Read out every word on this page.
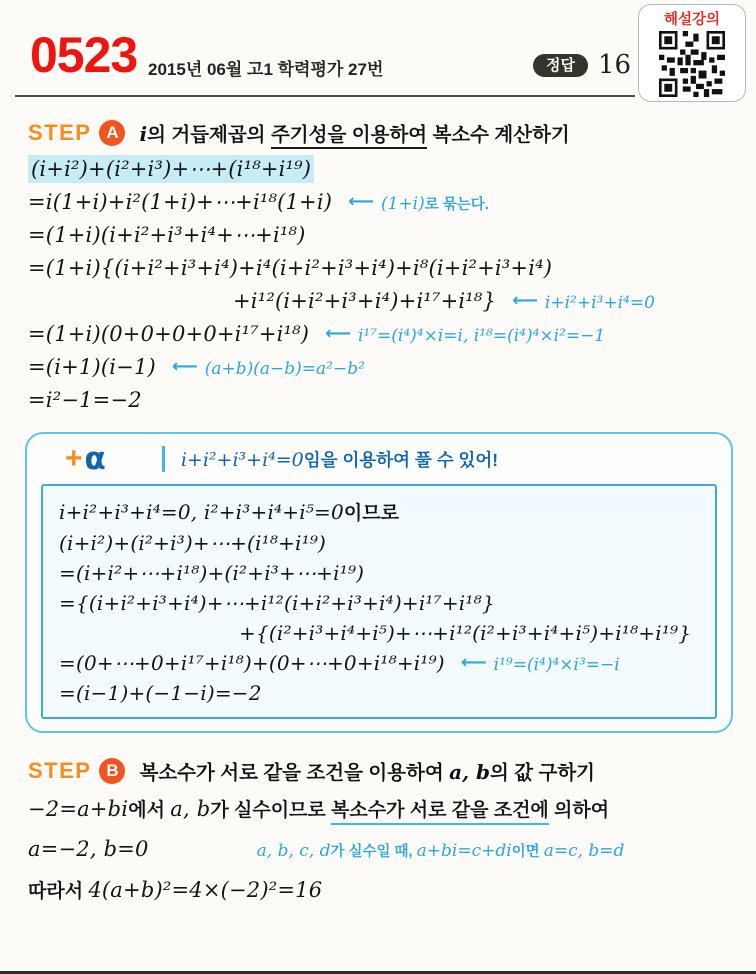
0523 2015년 06월 고1 학력평가 27번	정답 16
해설강의
STEP A	i의 거듭제곱의 주기성을 이용하여 복소수 계산하기
(i+i²)+(i²+i³)+⋯+(i¹⁸+i¹⁹)
=i(1+i)+i²(1+i)+⋯+i¹⁸(1+i) ⟵ (1+i)로 묶는다.
=(1+i)(i+i²+i³+i⁴+⋯+i¹⁸)
=(1+i){(i+i²+i³+i⁴)+i⁴(i+i²+i³+i⁴)+i⁸(i+i²+i³+i⁴)
+i¹²(i+i²+i³+i⁴)+i¹⁷+i¹⁸} ⟵ i+i²+i³+i⁴=0
=(1+i)(0+0+0+0+i¹⁷+i¹⁸) ⟵ i¹⁷=(i⁴)⁴×i=i, i¹⁸=(i⁴)⁴×i²=−1
=(i+1)(i−1) ⟵ (a+b)(a−b)=a²−b²
=i²−1=−2
+ α	i+i²+i³+i⁴=0임을 이용하여 풀 수 있어!
i+i²+i³+i⁴=0, i²+i³+i⁴+i⁵=0이므로
(i+i²)+(i²+i³)+⋯+(i¹⁸+i¹⁹)
=(i+i²+⋯+i¹⁸)+(i²+i³+⋯+i¹⁹)
={(i+i²+i³+i⁴)+⋯+i¹²(i+i²+i³+i⁴)+i¹⁷+i¹⁸}
+{(i²+i³+i⁴+i⁵)+⋯+i¹²(i²+i³+i⁴+i⁵)+i¹⁸+i¹⁹}
=(0+⋯+0+i¹⁷+i¹⁸)+(0+⋯+0+i¹⁸+i¹⁹) ⟵ i¹⁹=(i⁴)⁴×i³=−i
=(i−1)+(−1−i)=−2
STEP B	복소수가 서로 같을 조건을 이용하여 a, b의 값 구하기
−2=a+bi에서 a, b가 실수이므로 복소수가 서로 같을 조건에 의하여
a=−2, b=0	a, b, c, d가 실수일 때, a+bi=c+di이면 a=c, b=d
따라서 4(a+b)²=4×(−2)²=16
